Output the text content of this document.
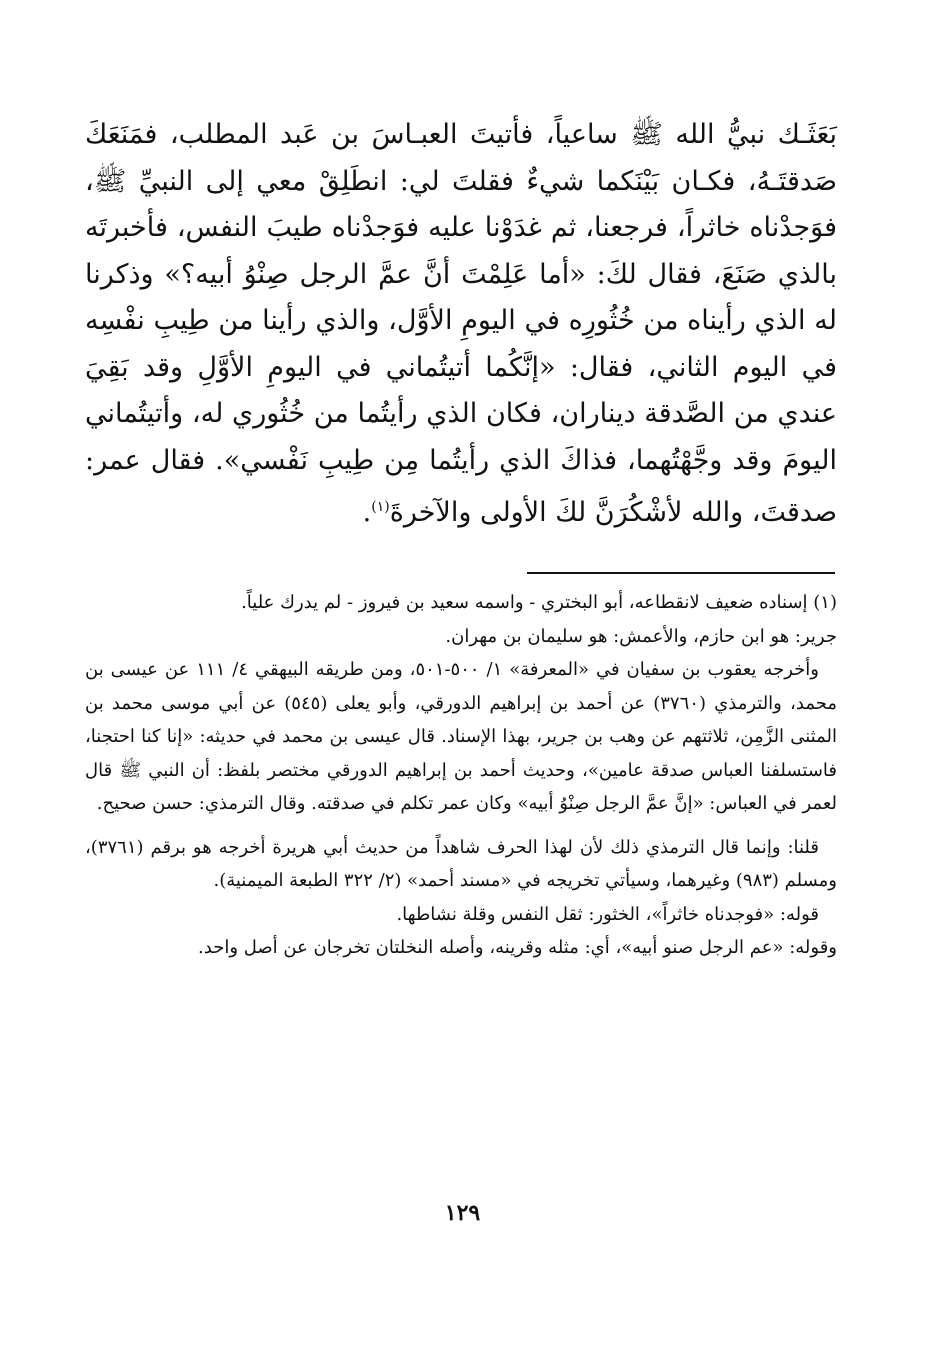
بَعَثَـك نبيُّ الله ﷺ ساعياً، فأتيتَ العبـاسَ بن عَبد المطلب، فمَنَعَكَ صَدقتَـهُ، فكـان بَيْنَكما شيءٌ فقلتَ لي: انطَلِقْ معي إلى النبيِّ ﷺ، فوَجدْناه خاثراً، فرجعنا، ثم غدَوْنا عليه فوَجدْناه طيبَ النفس، فأخبرتَه بالذي صَنَعَ، فقال لكَ: «أما عَلِمْتَ أنَّ عمَّ الرجل صِنْوُ أبيه؟» وذكرنا له الذي رأيناه من خُثُورِه في اليومِ الأوَّل، والذي رأينا من طِيبِ نفْسِه في اليوم الثاني، فقال: «إنَّكُما أتيتُماني في اليومِ الأوَّلِ وقد بَقِيَ عندي من الصَّدقة ديناران، فكان الذي رأيتُما من خُثُوري له، وأتيتُماني اليومَ وقد وجَّهْتُهما، فذاكَ الذي رأيتُما مِن طِيبِ نَفْسي». فقال عمر: صدقتَ، والله لأشْكُرَنَّ لكَ الأولى والآخرةَ$^{(١)}$.

(١) إسناده ضعيف لانقطاعه، أبو البختري - واسمه سعيد بن فيروز - لم يدرك علياً.

جرير: هو ابن حازم، والأعمش: هو سليمان بن مهران.

وأخرجه يعقوب بن سفيان في «المعرفة» ١/ ٥٠٠-٥٠١، ومن طريقه البيهقي ٤/ ١١١ عن عيسى بن محمد، والترمذي (٣٧٦٠) عن أحمد بن إبراهيم الدورقي، وأبو يعلى (٥٤٥) عن أبي موسى محمد بن المثنى الزَّمِن، ثلاثتهم عن وهب بن جرير، بهذا الإسناد. قال عيسى بن محمد في حديثه: «إنا كنا احتجنا، فاستسلفنا العباس صدقة عامين»، وحديث أحمد بن إبراهيم الدورقي مختصر بلفظ: أن النبي ﷺ قال لعمر في العباس: «إنَّ عمَّ الرجل صِنْوُ أبيه» وكان عمر تكلم في صدقته. وقال الترمذي: حسن صحيح.

قلنا: وإنما قال الترمذي ذلك لأن لهذا الحرف شاهداً من حديث أبي هريرة أخرجه هو برقم (٣٧٦١)، ومسلم (٩٨٣) وغيرهما، وسيأتي تخريجه في «مسند أحمد» (٢/ ٣٢٢ الطبعة الميمنية).

قوله: «فوجدناه خاثراً»، الخثور: ثقل النفس وقلة نشاطها.

وقوله: «عم الرجل صنو أبيه»، أي: مثله وقرينه، وأصله النخلتان تخرجان عن أصل واحد.

١٢٩
